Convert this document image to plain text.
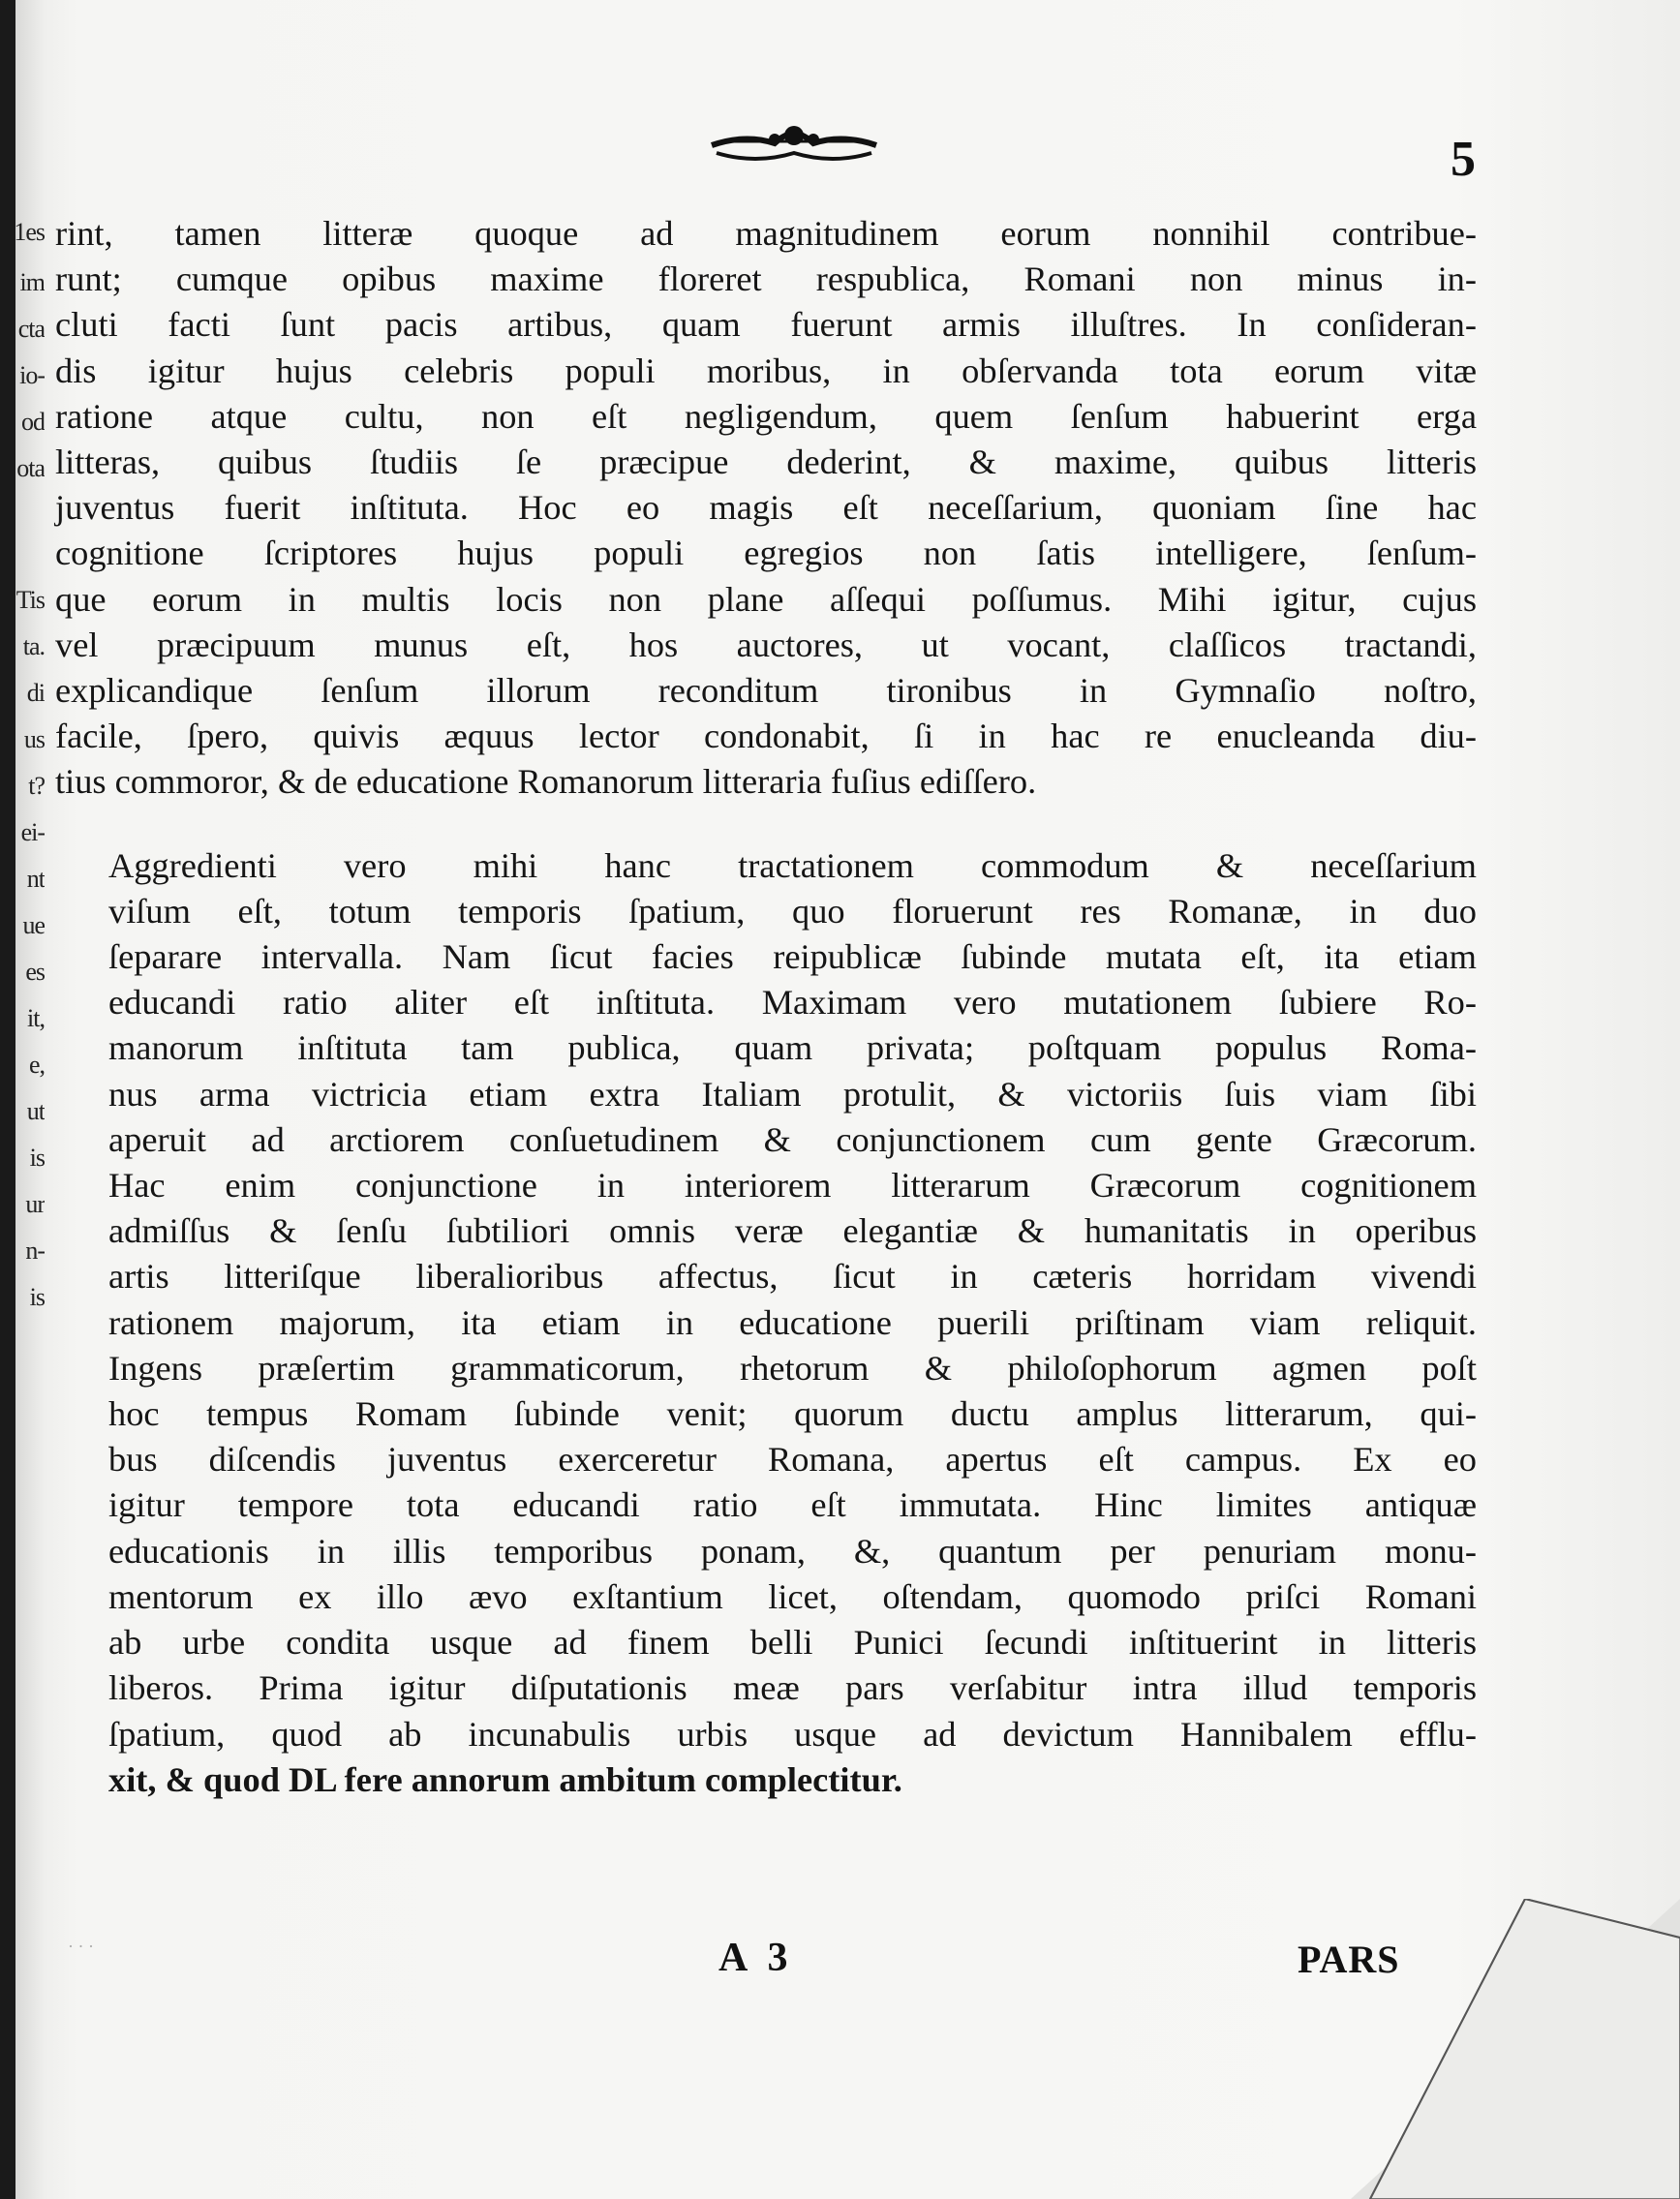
1es
im
cta
io-
od
ota
Tis
ta.
di
us
t?
ei-
nt
ue
es
it,
e,
ut
is
ur
n-
is
5
rint, tamen litteræ quoque ad magnitudinem eorum nonnihil contribue-
runt; cumque opibus maxime floreret respublica, Romani non minus in-
cluti facti ſunt pacis artibus, quam fuerunt armis illuſtres. In conſideran-
dis igitur hujus celebris populi moribus, in obſervanda tota eorum vitæ
ratione atque cultu, non eſt negligendum, quem ſenſum habuerint erga
litteras, quibus ſtudiis ſe præcipue dederint, & maxime, quibus litteris
juventus fuerit inſtituta. Hoc eo magis eſt neceſſarium, quoniam ſine hac
cognitione ſcriptores hujus populi egregios non ſatis intelligere, ſenſum-
que eorum in multis locis non plane aſſequi poſſumus. Mihi igitur, cujus
vel præcipuum munus eſt, hos auctores, ut vocant, claſſicos tractandi,
explicandique ſenſum illorum reconditum tironibus in Gymnaſio noſtro,
facile, ſpero, quivis æquus lector condonabit, ſi in hac re enucleanda diu-
tius commoror, & de educatione Romanorum litteraria fuſius ediſſero.
Aggredienti vero mihi hanc tractationem commodum & neceſſarium
viſum eſt, totum temporis ſpatium, quo floruerunt res Romanæ, in duo
ſeparare intervalla. Nam ſicut facies reipublicæ ſubinde mutata eſt, ita etiam
educandi ratio aliter eſt inſtituta. Maximam vero mutationem ſubiere Ro-
manorum inſtituta tam publica, quam privata; poſtquam populus Roma-
nus arma victricia etiam extra Italiam protulit, & victoriis ſuis viam ſibi
aperuit ad arctiorem conſuetudinem & conjunctionem cum gente Græcorum.
Hac enim conjunctione in interiorem litterarum Græcorum cognitionem
admiſſus & ſenſu ſubtiliori omnis veræ elegantiæ & humanitatis in operibus
artis litteriſque liberalioribus affectus, ſicut in cæteris horridam vivendi
rationem majorum, ita etiam in educatione puerili priſtinam viam reliquit.
Ingens præſertim grammaticorum, rhetorum & philoſophorum agmen poſt
hoc tempus Romam ſubinde venit; quorum ductu amplus litterarum, qui-
bus diſcendis juventus exerceretur Romana, apertus eſt campus. Ex eo
igitur tempore tota educandi ratio eſt immutata. Hinc limites antiquæ
educationis in illis temporibus ponam, &, quantum per penuriam monu-
mentorum ex illo ævo exſtantium licet, oſtendam, quomodo priſci Romani
ab urbe condita usque ad finem belli Punici ſecundi inſtituerint in litteris
liberos. Prima igitur diſputationis meæ pars verſabitur intra illud temporis
ſpatium, quod ab incunabulis urbis usque ad devictum Hannibalem efflu-
xit, & quod DL fere annorum ambitum complectitur.
· · ·	A 3	PARS
